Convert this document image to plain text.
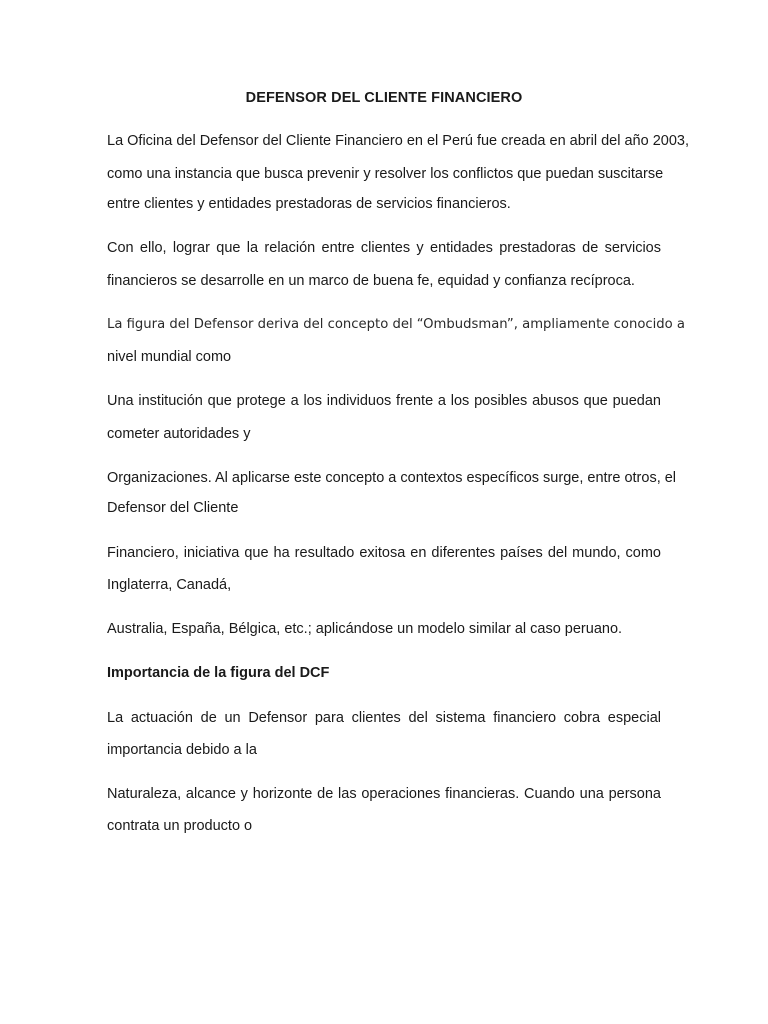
DEFENSOR DEL CLIENTE FINANCIERO
La Oficina del Defensor del Cliente Financiero en el Perú fue creada en abril del año 2003,
como una instancia que busca prevenir y resolver los conflictos que puedan suscitarse
entre clientes y entidades prestadoras de servicios financieros.
Con ello, lograr que la relación entre clientes y entidades prestadoras de servicios
financieros se desarrolle en un marco de buena fe, equidad y confianza recíproca.
La figura del Defensor deriva del concepto del “Ombudsman”, ampliamente conocido a
nivel mundial como
Una institución que protege a los individuos frente a los posibles abusos que puedan
cometer autoridades y
Organizaciones. Al aplicarse este concepto a contextos específicos surge, entre otros, el
Defensor del Cliente
Financiero, iniciativa que ha resultado exitosa en diferentes países del mundo, como
Inglaterra, Canadá,
Australia, España, Bélgica, etc.; aplicándose un modelo similar al caso peruano.
Importancia de la figura del DCF
La actuación de un Defensor para clientes del sistema financiero cobra especial
importancia debido a la
Naturaleza, alcance y horizonte de las operaciones financieras. Cuando una persona
contrata un producto o
